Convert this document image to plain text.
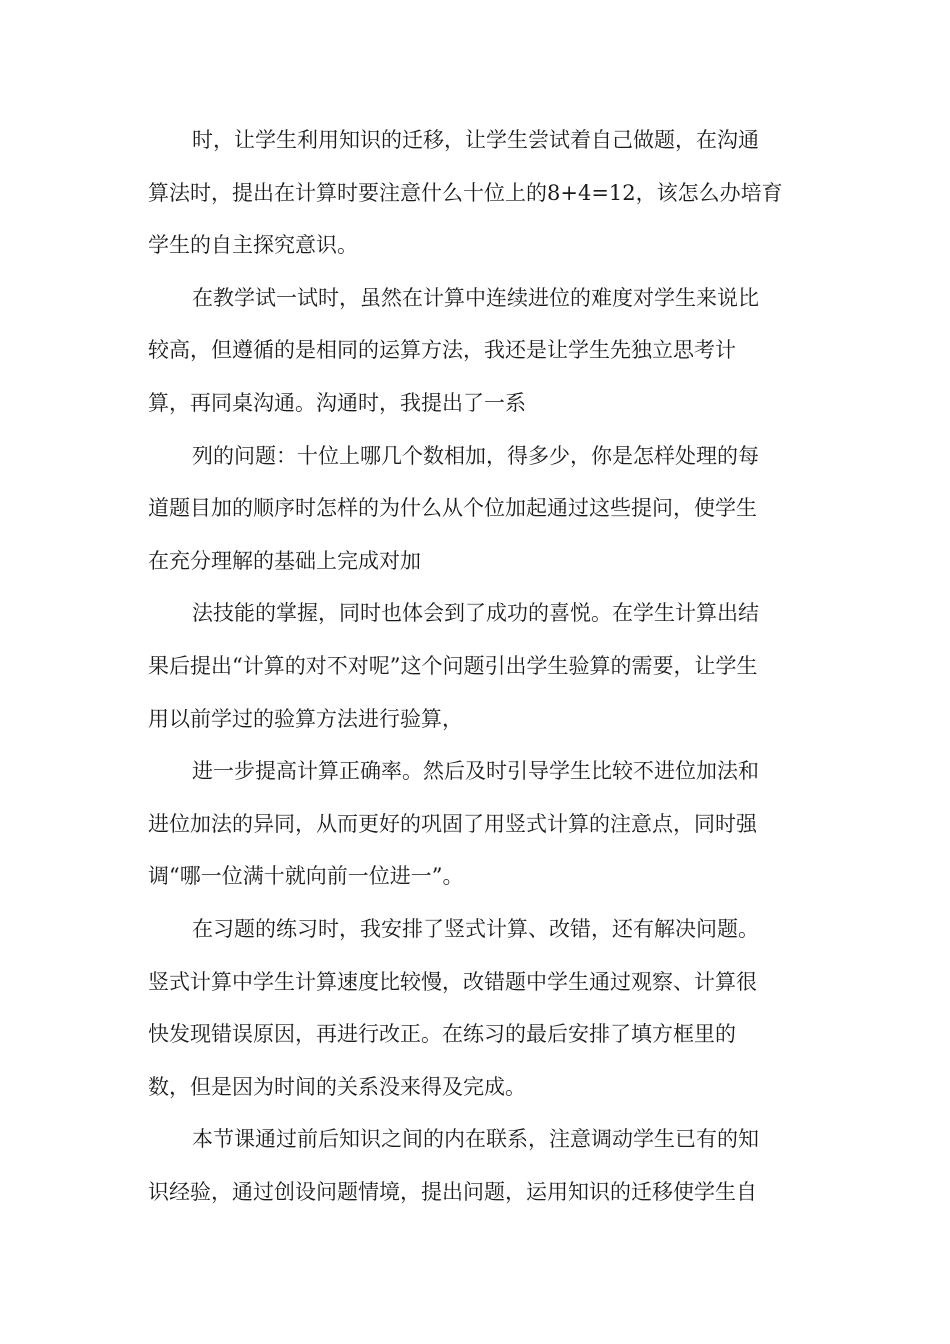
时，让学生利用知识的迁移，让学生尝试着自己做题，在沟通
算法时，提出在计算时要注意什么十位上的8+4=12，该怎么办培育
学生的自主探究意识。
在教学试一试时，虽然在计算中连续进位的难度对学生来说比
较高，但遵循的是相同的运算方法，我还是让学生先独立思考计
算，再同桌沟通。沟通时，我提出了一系
列的问题：十位上哪几个数相加，得多少，你是怎样处理的每
道题目加的顺序时怎样的为什么从个位加起通过这些提问，使学生
在充分理解的基础上完成对加
法技能的掌握，同时也体会到了成功的喜悦。在学生计算出结
果后提出“计算的对不对呢”这个问题引出学生验算的需要，让学生
用以前学过的验算方法进行验算，
进一步提高计算正确率。然后及时引导学生比较不进位加法和
进位加法的异同，从而更好的巩固了用竖式计算的注意点，同时强
调“哪一位满十就向前一位进一”。
在习题的练习时，我安排了竖式计算、改错，还有解决问题。
竖式计算中学生计算速度比较慢，改错题中学生通过观察、计算很
快发现错误原因，再进行改正。在练习的最后安排了填方框里的
数，但是因为时间的关系没来得及完成。
本节课通过前后知识之间的内在联系，注意调动学生已有的知
识经验，通过创设问题情境，提出问题，运用知识的迁移使学生自
